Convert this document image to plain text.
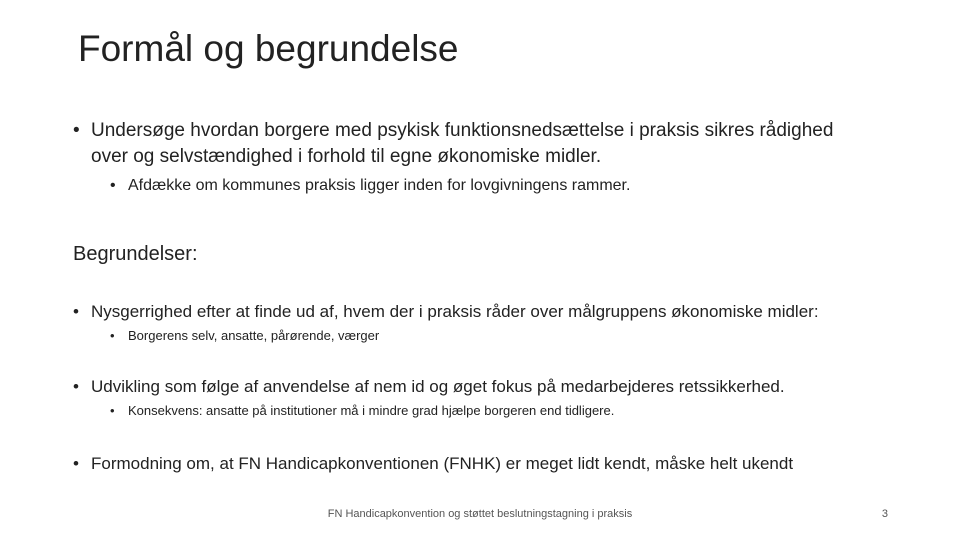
Formål og begrundelse
• Undersøge hvordan borgere med psykisk funktionsnedsættelse i praksis sikres rådighed over og selvstændighed i forhold til egne økonomiske midler.
• Afdække om kommunes praksis ligger inden for lovgivningens rammer.
Begrundelser:
• Nysgerrighed efter at finde ud af, hvem der i praksis råder over målgruppens økonomiske midler:
•	Borgerens selv, ansatte, pårørende, værger
• Udvikling som følge af anvendelse af nem id og øget fokus på medarbejderes retssikkerhed.
•	Konsekvens: ansatte på institutioner må i mindre grad hjælpe borgeren end tidligere.
• Formodning om, at FN Handicapkonventionen (FNHK) er meget lidt kendt, måske helt ukendt
FN Handicapkonvention og støttet beslutningstagning i praksis	3
